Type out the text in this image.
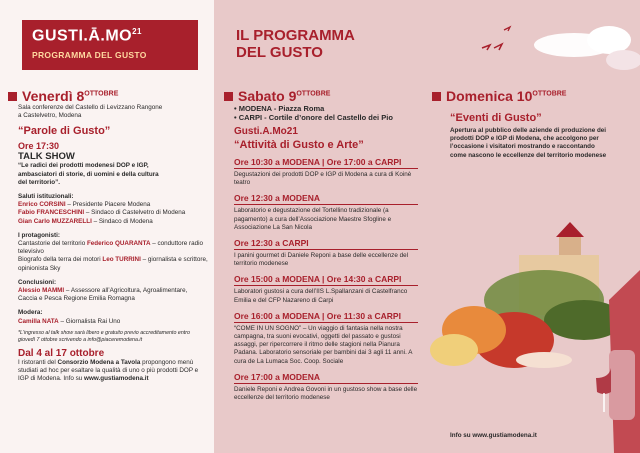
GUSTI.Ā.MO$^{21}$
PROGRAMMA DEL GUSTO
IL PROGRAMMA
DEL GUSTO
Venerdì $8^{OTTOBRE}$
Sala conferenze del Castello di Levizzano Rangone
a Castelvetro, Modena
“Parole di Gusto”
Ore 17:30
TALK SHOW
“Le radici dei prodotti modenesi DOP e IGP,
ambasciatori di storie, di uomini e della cultura
del territorio”.
Saluti istituzionali:
Enrico CORSINI – Presidente Piacere Modena
Fabio FRANCESCHINI – Sindaco di Castelvetro di Modena
Gian Carlo MUZZARELLI – Sindaco di Modena
I protagonisti:
Cantastorie del territorio Federico QUARANTA – conduttore radio televisivo
Biografo della terra dei motori Leo TURRINI – giornalista e scrittore, opinionista Sky
Conclusioni:
Alessio MAMMI – Assessore all’Agricoltura, Agroalimentare, Caccia e Pesca Regione Emilia Romagna
Modera:
Camilla NATA – Giornalista Rai Uno
*L’ingresso al talk show sarà libero e gratuito previo accreditamento entro giovedì 7 ottobre scrivendo a info@piaceremodena.it
Dal 4 al 17 ottobre
I ristoranti del Consorzio Modena a Tavola propongono menù studiati ad hoc per esaltare la qualità di uno o più prodotti DOP e IGP di Modena. Info su www.gustiamodena.it
Sabato $9^{OTTOBRE}$
• MODENA - Piazza Roma
• CARPI - Cortile d’onore del Castello dei Pio
Gusti.A.Mo21
“Attività di Gusto e Arte”
Ore 10:30 a MODENA | Ore 17:00 a CARPI
Degustazioni dei prodotti DOP e IGP di Modena a cura di Koinè teatro
Ore 12:30 a MODENA
Laboratorio e degustazione del Tortellino tradizionale (a pagamento) a cura dell’Associazione Maestre Sfogline e Associazione La San Nicola
Ore 12:30 a CARPI
I panini gourmet di Daniele Reponi a base delle eccellenze del territorio modenese
Ore 15:00 a MODENA | Ore 14:30 a CARPI
Laboratori gustosi a cura dell’IIS L.Spallanzani di Castelfranco Emilia e del CFP Nazareno di Carpi
Ore 16:00 a MODENA | Ore 11:30 a CARPI
“COME IN UN SOGNO” – Un viaggio di fantasia nella nostra campagna, tra suoni evocativi, oggetti del passato e gustosi assaggi, per ripercorrere il ritmo delle stagioni nella Pianura Padana. Laboratorio sensoriale per bambini dai 3 agli 11 anni. A cura de La Lumaca Soc. Coop. Sociale
Ore 17:00 a MODENA
Daniele Reponi e Andrea Govoni in un gustoso show a base delle eccellenze del territorio modenese
Domenica $10^{OTTOBRE}$
“Eventi di Gusto”
Apertura al pubblico delle aziende di produzione dei prodotti DOP e IGP di Modena, che accolgono per l’occasione i visitatori mostrando e raccontando come nascono le eccellenze del territorio modenese
Info su www.gustiamodena.it
